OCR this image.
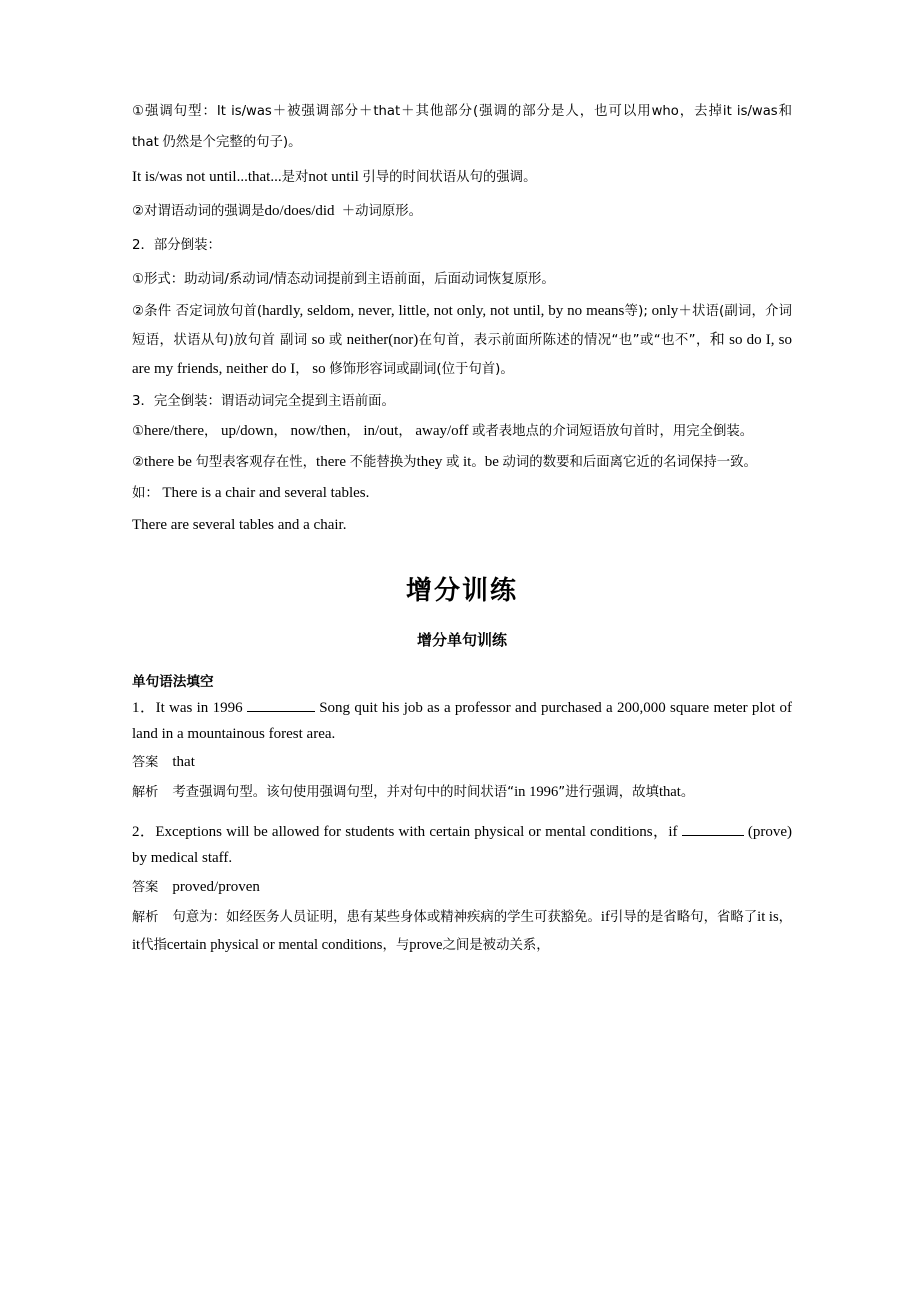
①强调句型：It is/was＋被强调部分＋that＋其他部分(强调的部分是人，也可以用who，去掉it is/was和that 仍然是个完整的句子)。

It is/was not until...that...是对not until 引导的时间状语从句的强调。

②对谓语动词的强调是do/does/did ＋动词原形。

2．部分倒装：

①形式：助动词/系动词/情态动词提前到主语前面，后面动词恢复原形。

②条件 否定词放句首(hardly, seldom, never, little, not only, not until, by no means等); only＋状语(副词，介词短语，状语从句)放句首 副词 so 或 neither(nor)在句首，表示前面所陈述的情况“也”或“也不”，和 so do I, so are my friends, neither do I， so 修饰形容词或副词(位于句首)。

3．完全倒装：谓语动词完全提到主语前面。

①here/there， up/down， now/then， in/out， away/off 或者表地点的介词短语放句首时，用完全倒装。

②there be 句型表客观存在性，there 不能替换为they 或 it。be 动词的数要和后面离它近的名词保持一致。

如： There is a chair and several tables.

There are several tables and a chair.

增分训练
增分单句训练
单句语法填空

1．It was in 1996	Song quit his job as a professor and purchased a 200,000 square meter plot of land in a mountainous forest area.

答案 that

解析 考查强调句型。该句使用强调句型，并对句中的时间状语“in 1996”进行强调，故填that。

2．Exceptions will be allowed for students with certain physical or mental conditions，if	(prove) by medical staff.

答案 proved/proven

解析 句意为：如经医务人员证明，患有某些身体或精神疾病的学生可获豁免。if引导的是省略句，省略了it is，it代指certain physical or mental conditions，与prove之间是被动关系，
